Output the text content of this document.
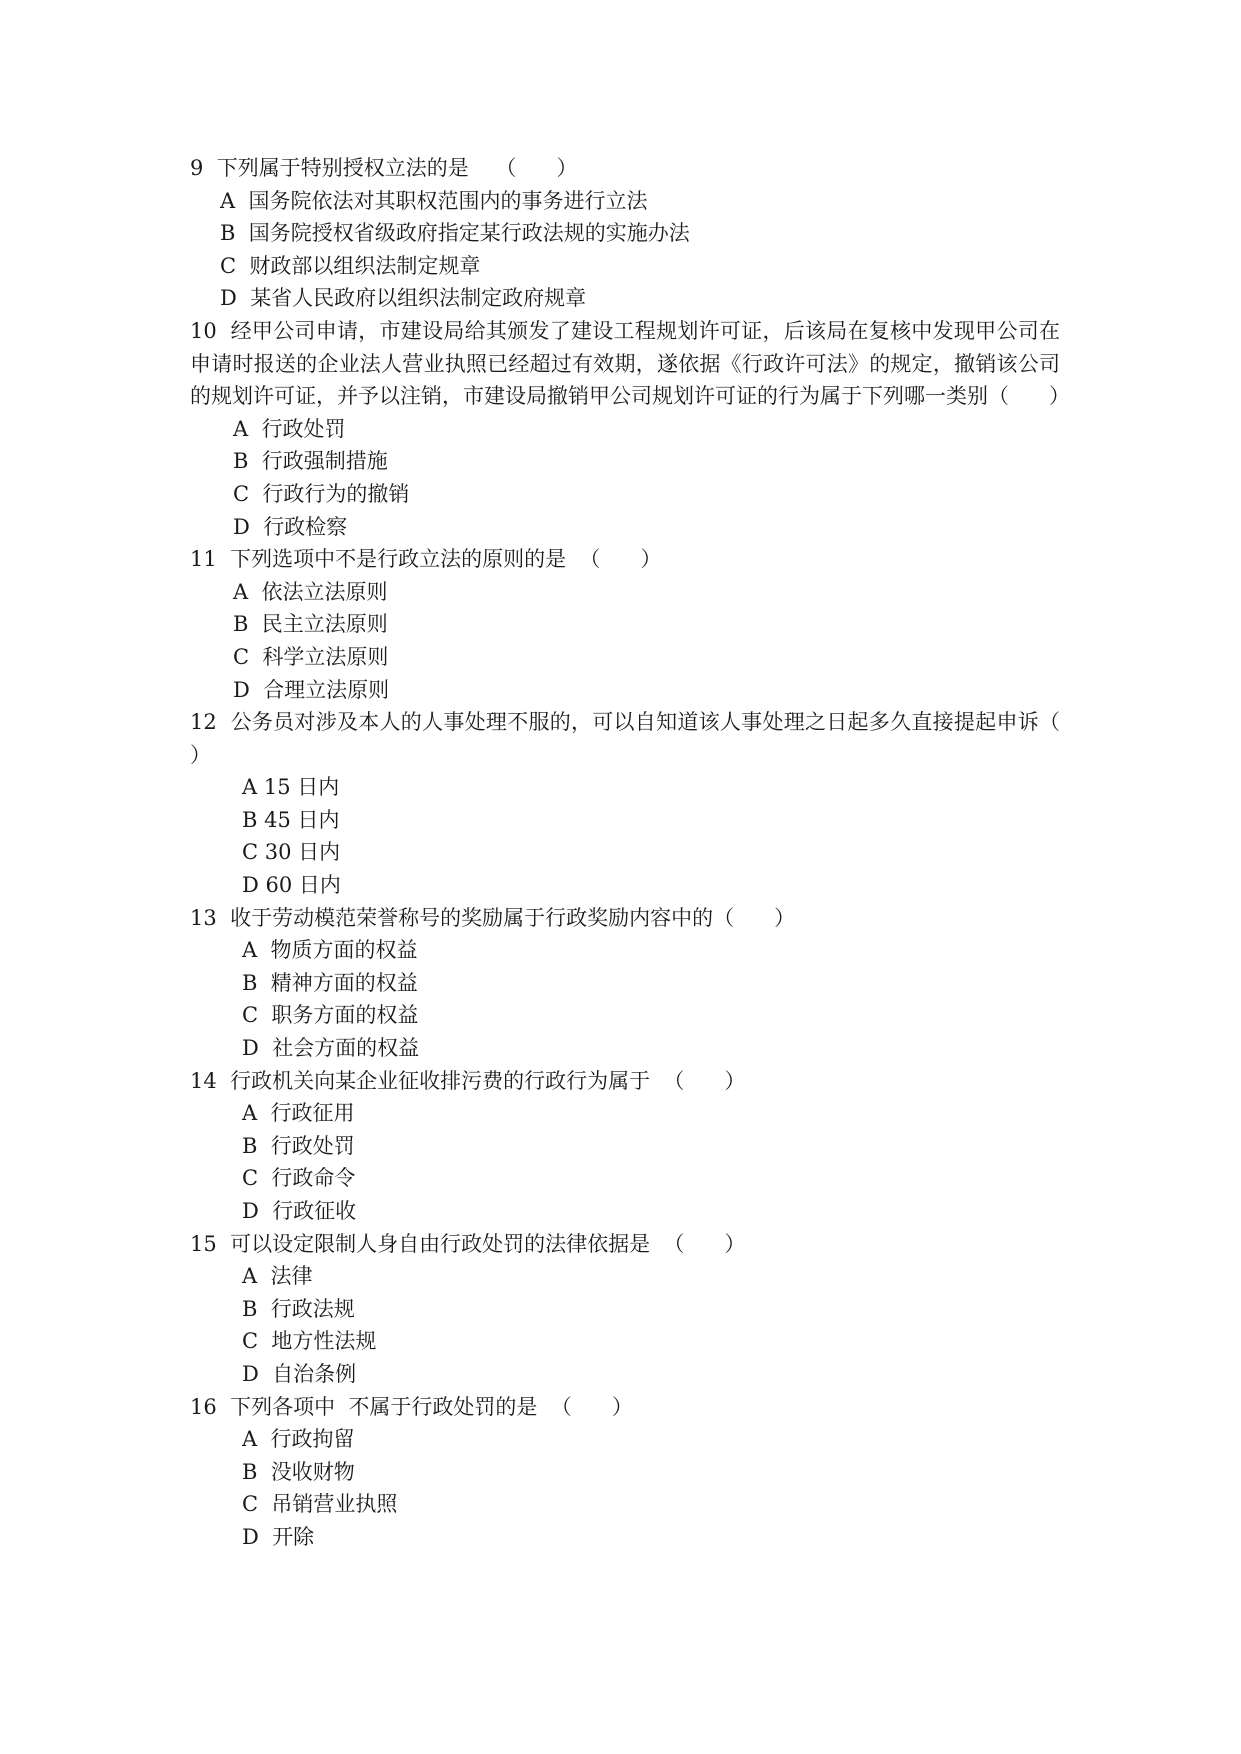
9  下列属于特别授权立法的是    （      ）

A  国务院依法对其职权范围内的事务进行立法

B  国务院授权省级政府指定某行政法规的实施办法

C  财政部以组织法制定规章

D  某省人民政府以组织法制定政府规章

10  经甲公司申请，市建设局给其颁发了建设工程规划许可证，后该局在复核中发现甲公司在申请时报送的企业法人营业执照已经超过有效期，遂依据《行政许可法》的规定，撤销该公司的规划许可证，并予以注销，市建设局撤销甲公司规划许可证的行为属于下列哪一类别（      ）

A  行政处罚

B  行政强制措施

C  行政行为的撤销

D  行政检察

11  下列选项中不是行政立法的原则的是  （      ）

A  依法立法原则

B  民主立法原则

C  科学立法原则

D  合理立法原则

12  公务员对涉及本人的人事处理不服的，可以自知道该人事处理之日起多久直接提起申诉（      ）

A 15 日内

B 45 日内

C 30 日内

D 60 日内

13  收于劳动模范荣誉称号的奖励属于行政奖励内容中的（      ）

A  物质方面的权益

B  精神方面的权益

C  职务方面的权益

D  社会方面的权益

14  行政机关向某企业征收排污费的行政行为属于  （      ）

A  行政征用

B  行政处罚

C  行政命令

D  行政征收

15  可以设定限制人身自由行政处罚的法律依据是  （      ）

A  法律

B  行政法规

C  地方性法规

D  自治条例

16  下列各项中  不属于行政处罚的是  （      ）

A  行政拘留

B  没收财物

C  吊销营业执照

D  开除
